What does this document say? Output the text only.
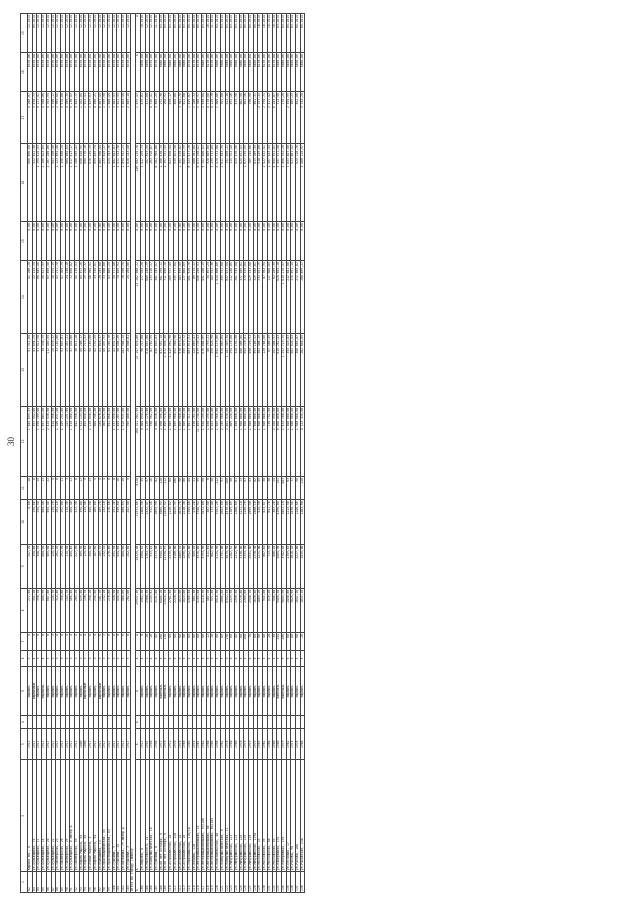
30
1	2	3	4	5	6	7	8	9	10	11	12	13	14	15	16	17	18	19
82	Кирова пл., 8	1917		кирпич.	3	4	277,60	247,20	0,00	10	1 645 099,59	51 312,04	41 288,28	0,00	866 896,68	4 268,07	6370,00	12.2014
83	ул.Бульварная, 75	1917		кирпичные	4	8	341,20	194,80	194,60	6	597 952,00	43 694,25	32 114,75	0,00	522 811,30	3 070,73	6370,00	05.2015
84	ул.Бульварная, 11	1917		кирпич.	3	6	390,70	348,70	254,50	15	1 596 789,00	51 517,90	60 845,40	0,00	1 794 425,53	5 117,41	6370,00	12.2014
85	ул.Бульварная, 14	1917		кирпичн.	4	8	454,90	404,90	404,40	13	1 697 603,00	70 330,75	56 613,53	0,00	2 186 823,64	4 948,86	6370,00	12.2014
86	ул.Бульварная, 20	1917		кирпич.	3	6	607,80	565,60	565,40	22	2 425 530,00	112 403,55	83 898,50	0,00	2 207 200,86	4 703,95	6370,00	12.2014
87	ул.Бульварная, 21	1917		кирпич.	3	3	124,70	124,70	124,70	5	424 390,00	25 670,32	20 375,19	0,00	543 768,48	3 350,17	6370,00	12.2014
88	ул.Пионерская, 23	1917		кирпич.	3	6	315,40	281,10	281,10	8	1 106 837,00	33 102,00	43 271,78	0,00	1 123 854,46	2 905,64	6370,00	12.2014
89	ул.Пионерская, 26	1917		кирпич.	3	6	350,80	292,90	292,80	11	1 169 251,00	52 057,01	41 305,75	0,00	1 396 830,24	5 574,08	6370,00	12.2014
90	ул.Пионерская, 29	1917		кирпич.	3	4	143,70	115,30	115,30	3	222 231,00	23 457,21	24 150,10	0,00	604 564,63	4 985,34	6370,00	12.2014
91	ул.Бульварная, 8 литер А	1917		кирпич.	3	4	464,40	464,40	464,40	11	1 570 460,00	57 456,00	72 460,82	0,00	2 017 413,17	5 138,03	6370,00	12.2014
92	ул.Пионерская, 59	1917		кирпич.	3	4	283,20	227,30	227,30	6	842 550,00	38 071,10	44 270,53	0,00	1 208 949,43	3 483,72	6370,00	12.2014
93	ул.Карла Маркса, 54	1880		кирпич.	3	8	439,50	389,30	394,80	17	1 522 133,00	45 206,77	65 677,26	0,00	658 016,99	1 102,84	6370,00	12.2014
94	ул.Карла Маркса, 58	1880		кирпичные	3	4	156,70	125,40	125,40	5	403 650,00	37 713,43	29 240,37	0,00	604 776,10	1 633,53	6370,00	12.2014
95	ул.Новые Ворота, 3	1917		кирпич.	3	6	358,20	345,50	345,50	13	1 175 658,00	54 163,60	40 965,51	0,00	678 234,79	2 829,63	6370,00	12.2014
96	ул.Карла Маркса, 54	1917		кирпич.	3	4	234,60	187,60	185,00	5	664 746,00	42 192,25	33 744,61	0,00	895 449,74	4 586,21	6370,00	12.2014
97	ул.Куйбышева, 13	1917		кирпичные	3	6	181,70	169,70	169,70	4	335 676,00	41 018,37	20 255,00	0,00	1 083 706,44	6 057,44	6370,00	12.2014
98	ул.Красноармейская, 55	1917		кирпич.	3	3	132,10	132,10	132,10	4	303 474,00	45 497,93	33 940,80	0,00	273 615,27	1 939,90	6370,00	12.2014
99	ул.Красноармейская, 63	1917		кирпич.	3	6	276,80	276,80	276,80	8	551 860,00	61 201,70	43 885,25	0,00	424 783,36	1 848,44	6370,00	12.2014
100	ул.Пушкина, 9	1917		кирпич.	3	6	326,90	291,38	291,38	8	1 197 598,00	42 631,97	35 771,46	0,00	1 002 643,07	3 643,53	6370,00	12.2014
101	ул.Пушкина, 15	1917		кирпич.	3	8	454,60	454,60	350,00	16	1 465 267,00	50 584,26	74 405,92	0,00	1 471 753,30	3 622,94	6370,00	12.2014
102	ул.Литвиова, 79 литер Д	1917		кирпич.	3	6	464,60	464,60	406,65	10	1 515 937,00	102 904,14	76 706,74	0,00	1 894 762,23	3 403,50	6370,00	12.2014
103	ул.Пушкина, 3	1917		кирпич.	3	6	282,00	242,50	242,50	5	959 480,00	28 800,01	24 264,80	0,00	1 020 243,40	2 849,14	6370,00	12.2014
Итого по городу Гамбеку																		
X	X	X	X	X	X	X	29937,38	25725,48	11971,06	6720	104 321 382,09	27 147 876,80	27 262 080,22	0,00	109 683 135,76	1 879,53	X	X
104	ул.Кирова, 8	1917		кирпич.	4	8	1982,36	1564,57	1464,56	35	4 004 850,00	96 217,08	177 345,28	0,00	1 417 195,73	479,81	5460,00	10.2016
105	ул.Маяковского, 14	1957		кирпич.	2	18	2900,30	2763,27	2372,47	97	1 129 176,00	610 657,08	605 148,79	0,00	257 693,35	471,68	5890,00	12.2014
106	ул.Коммунистическая, 16	1958		кирпич.	4	16	1143,82	933,82	932,56	26	938 962,00	82 762,95	133 126,27	0,00	263 916,87	4 376,41	6370,00	12.2014
107	ул.Пушкина, 8	1956		кирпич.	5	60	3131,80	2373,40	2093,90	82	4 084 538,00	554 853,03	381 705,67	0,00	8 202 904,06	3 805,25	6370,00	11.2016
108	ул.60 лет Октября, 5	1977		панельн.	5	100	6485,20	3944,53	3585,53	128	2 098 394,00	872 551,15	361 294,11	0,00	1 360 438,74	272,36	5680,00	03.2015
109	ул.60 лет Октября, 6	1978		панельн.	5	120	11424,70	11734,57	11825,52	212	1 509 976,00	1 072 896,30	711 856,26	0,00	2 397 331,45	264,92	5680,00	03.2015
110	ул.Астраханская, 10	1972		кирпич.	5	60	2701,50	2375,00	1116,62	64	1 509 960,00	1 419 961,90	269 977,45	0,00	623 590,44	670,17	5680,00	03.2015
111	ул.Астраханская, 12а	1976		кирпич.	5	60	2228,70	2180,08	2025,39	100	1 509 960,00	492 560,98	339 777,64	0,00	535 821,38	485,00	5680,00	03.2015
112	ул.Астраханская, 14	1975		кирпич.	5	60	1823,00	2085,10	2074,70	98	1 509 960,00	578 673,82	183 595,45	0,00	1 357 578,02	3 902,78	5680,00	03.2015
113	ул.Астраханская, 16	1965		кирпич.	5	60	1823,00	2290,80	2210,30	86	1 509 960,00	359 579,72	177 884,89	0,00	645 855,99	611,08	5680,00	03.2015
114	ул.Первомайская, 170/1а	1963		кирпич.	5	60	4386,58	2942,00	2765,08	44	1 657 311,00	603 672,51	401 676,70	0,00	6 323 477,28	2 459,07	6370,00	05.2015
115	ул.Кочана, 12а	1975		кирпич.	5	60	601,30	545,20	476,20	21	576 761,00	125 063,43	89 774,12	0,00	488 361,84	1 208,33	6170,00	05.2015
116	ул.Интернациональная, 15	1987		кирпич.	5	60	4165,80	3976,60	3746,92	99	11 409 734,00	879 739,43	656 256,53	0,00	8 873 298,62	2 388,97	6370,00	05.2015
117	ул.Интернациональная, 53/106	1962		кирпич.	5	60	4116,30	3793,90	3571,08	98	1 554 159,00	676 004,89	451 106,15	0,00	9 353 406,63	2 598,84	5680,00	03.2015
118	ул.Интернациональная, 56	1968		кирпич.	5	12	487,70	411,40	307,50	6	1 030 195,00	46 793,21	34 897,25	0,00	928 669,64	4 778,60	6170,00	10.2014
119	ул.Интернациональная, 60/105	1965		кирпич.	5	20	921,40	882,30	773,40	30	4 033 540,00	195 025,98	145 932,38	0,00	3 295 772,84	4 125,76	6370,00	11.2014
120	ул.Комсомольская, 4а	1958		кирпич.	5	80	5516,30	5124,90	3747,20	112	1 509 966,00	1 042 179,06	1 024 886,60	0,00	4 474 773,00	1 000,00	5680,00	03.2015
121	ул.Коммунистическая, 6	1961		кирпич.	5	60	2864,40	2751,00	2643,60	97	2 149 960,00	574 863,04	359 751,68	0,00	2 011 543,34	701,88	5680,00	03.2015
122	ул.Коммунистическая, 11	1978		кирпич.	9	130	6332,34	5075,50	4576,80	160	2 401 930,00	1 102 343,34	837 673,54	0,00	751 098,21	512,16	5680,00	03.2015
123	ул.Мичуринская, 121	1960		кирпич.	5	60	1329,90	1282,51	1169,09	58	809 224,00	294 170,80	212 148,85	0,00	315 923,40	492,48	5680,00	03.2015
124	ул.Мичуринская, 123	1960		кирпич.	5	60	1390,30	1312,90	1260,60	61	1 500 000,00	324 191,50	261 934,08	0,00	625 576,56	475,98	5680,00	03.2015
125	ул.Мичуринская, 125	1970		кирпич.	5	60	2776,40	2330,60	2221,10	73	1 500 000,00	500 466,86	377 589,81	0,00	625 872,43	602,56	5680,00	03.2015
126	ул.Мичуринская, 170	1979		кирпич.	5	100	2385,60	2333,90	2146,70	87	1 500 000,00	543 778,01	375 535,04	0,00	1 077 195,59	462,56	5460,00	05.2015
127	ул.Мичуринская, 179	1979		кирпич.	5	70	2540,70	2931,80	2599,50	53	1 500 000,00	598 776,93	429 753,66	0,00	709 154,86	796,98	5460,00	05.2015
128	ул.Мичуринская, 179а	1979		кирпич.	5	60	1620,40	1778,30	1488,10	62	1 500 000,00	393 105,37	329 580,81	0,00	813 209,35	841,31	5460,00	05.2015
129	ул.Московская, 23	1963		кирпич.	5	60	1069,20	1271,80	925,90	55	1 500 000,00	303 484,19	233 591,79	0,00	910 159,86	2 797,32	6170,00	10.2014
130	ул.Московская, 39	1961		кирпич.	5	40	943,00	887,40	823,67	38	1 500 000,00	120 784,68	87 983,94	0,00	2 427 432,41	2 794,71	6170,00	10.2014
131	ул.Московская, 48	1960		кирпич.	4	20	820,20	713,30	641,70	30	730 751,00	87 480,49	117 606,05	0,00	1 407 443,45	2 427,42	6170,00	10.2014
132	ул.Московская, 59	1960		кирпич.	4	30	544,50	406,20	387,20	25	2 104 394,00	147 504,97	62 189,39	0,00	4 044 591,01	6 183,07	6170,00	10.2014
133	ул.Набережная, 191	1980		панельн.	9	144	9465,30	4464,90	4396,80	152	6 000 000,00	818 261,43	624 854,18	0,00	3 457 571,58	713,56	5680,00	03.2015
134	ул.Набережная, 193	1979		панельн.	9	108	9843,90	3782,45	3491,10	403	2 433 700,00	1 252 719,75	1 615 178,57	0,00	3 460 332,28	774,26	5680,00	03.2015
135	ул.Песчаная, 17	1982		кирпич.	5	60	1456,80	1359,63	1213,50	63	1 500 000,00	355 416,83	212 841,00	0,00	7 033 407,58	2 594,99	5460,00	05.2015
136	ул.Ракова, 98	1975		кирпич.	5	60	3025,50	2816,10	2538,54	77	1 500 000,00	502 025,43	374 891,15	0,00	623 887,42	509,23	5460,00	03.2015
137	ул.Ракова, 100	1975		кирпич.	5	60	2647,20	2277,00	2146,00	98	1 500 000,00	300 665,87	272 885,02	0,00	625 210,76	462,08	5460,00	05.2015
138	ул.Раковская, 23а	1968		кирпич.	5	20	1833,70	1539,80	1303,80	126	4 123 335,00	282 840,09	208 899,27	0,00	3 468 125,97	3 743,24	5460,00	05.2015
